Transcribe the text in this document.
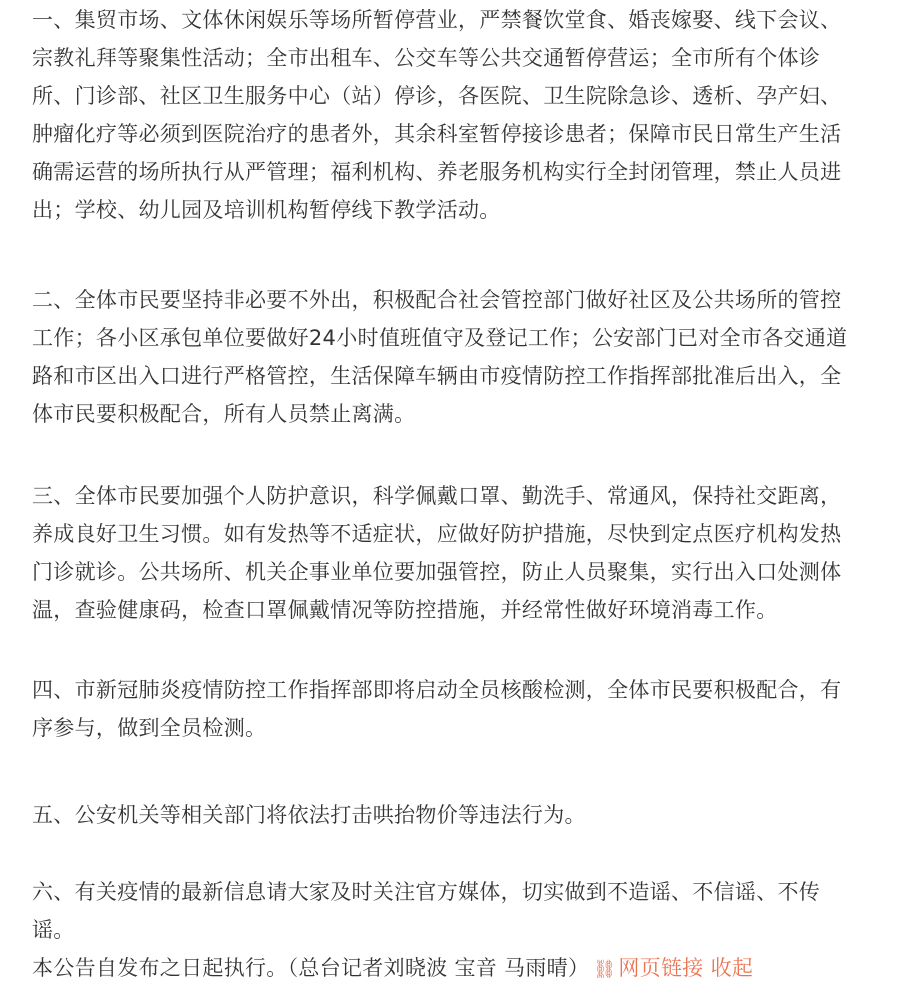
一、集贸市场、文体休闲娱乐等场所暂停营业，严禁餐饮堂食、婚丧嫁娶、线下会议、
宗教礼拜等聚集性活动；全市出租车、公交车等公共交通暂停营运；全市所有个体诊
所、门诊部、社区卫生服务中心（站）停诊，各医院、卫生院除急诊、透析、孕产妇、
肿瘤化疗等必须到医院治疗的患者外，其余科室暂停接诊患者；保障市民日常生产生活
确需运营的场所执行从严管理；福利机构、养老服务机构实行全封闭管理，禁止人员进
出；学校、幼儿园及培训机构暂停线下教学活动。
二、全体市民要坚持非必要不外出，积极配合社会管控部门做好社区及公共场所的管控
工作；各小区承包单位要做好24小时值班值守及登记工作；公安部门已对全市各交通道
路和市区出入口进行严格管控，生活保障车辆由市疫情防控工作指挥部批准后出入，全
体市民要积极配合，所有人员禁止离满。
三、全体市民要加强个人防护意识，科学佩戴口罩、勤洗手、常通风，保持社交距离，
养成良好卫生习惯。如有发热等不适症状，应做好防护措施，尽快到定点医疗机构发热
门诊就诊。公共场所、机关企事业单位要加强管控，防止人员聚集，实行出入口处测体
温，查验健康码，检查口罩佩戴情况等防控措施，并经常性做好环境消毒工作。
四、市新冠肺炎疫情防控工作指挥部即将启动全员核酸检测，全体市民要积极配合，有
序参与，做到全员检测。
五、公安机关等相关部门将依法打击哄抬物价等违法行为。
六、有关疫情的最新信息请大家及时关注官方媒体，切实做到不造谣、不信谣、不传
谣。
本公告自发布之日起执行。（总台记者刘晓波 宝音 马雨晴） ⛓网页链接 收起
